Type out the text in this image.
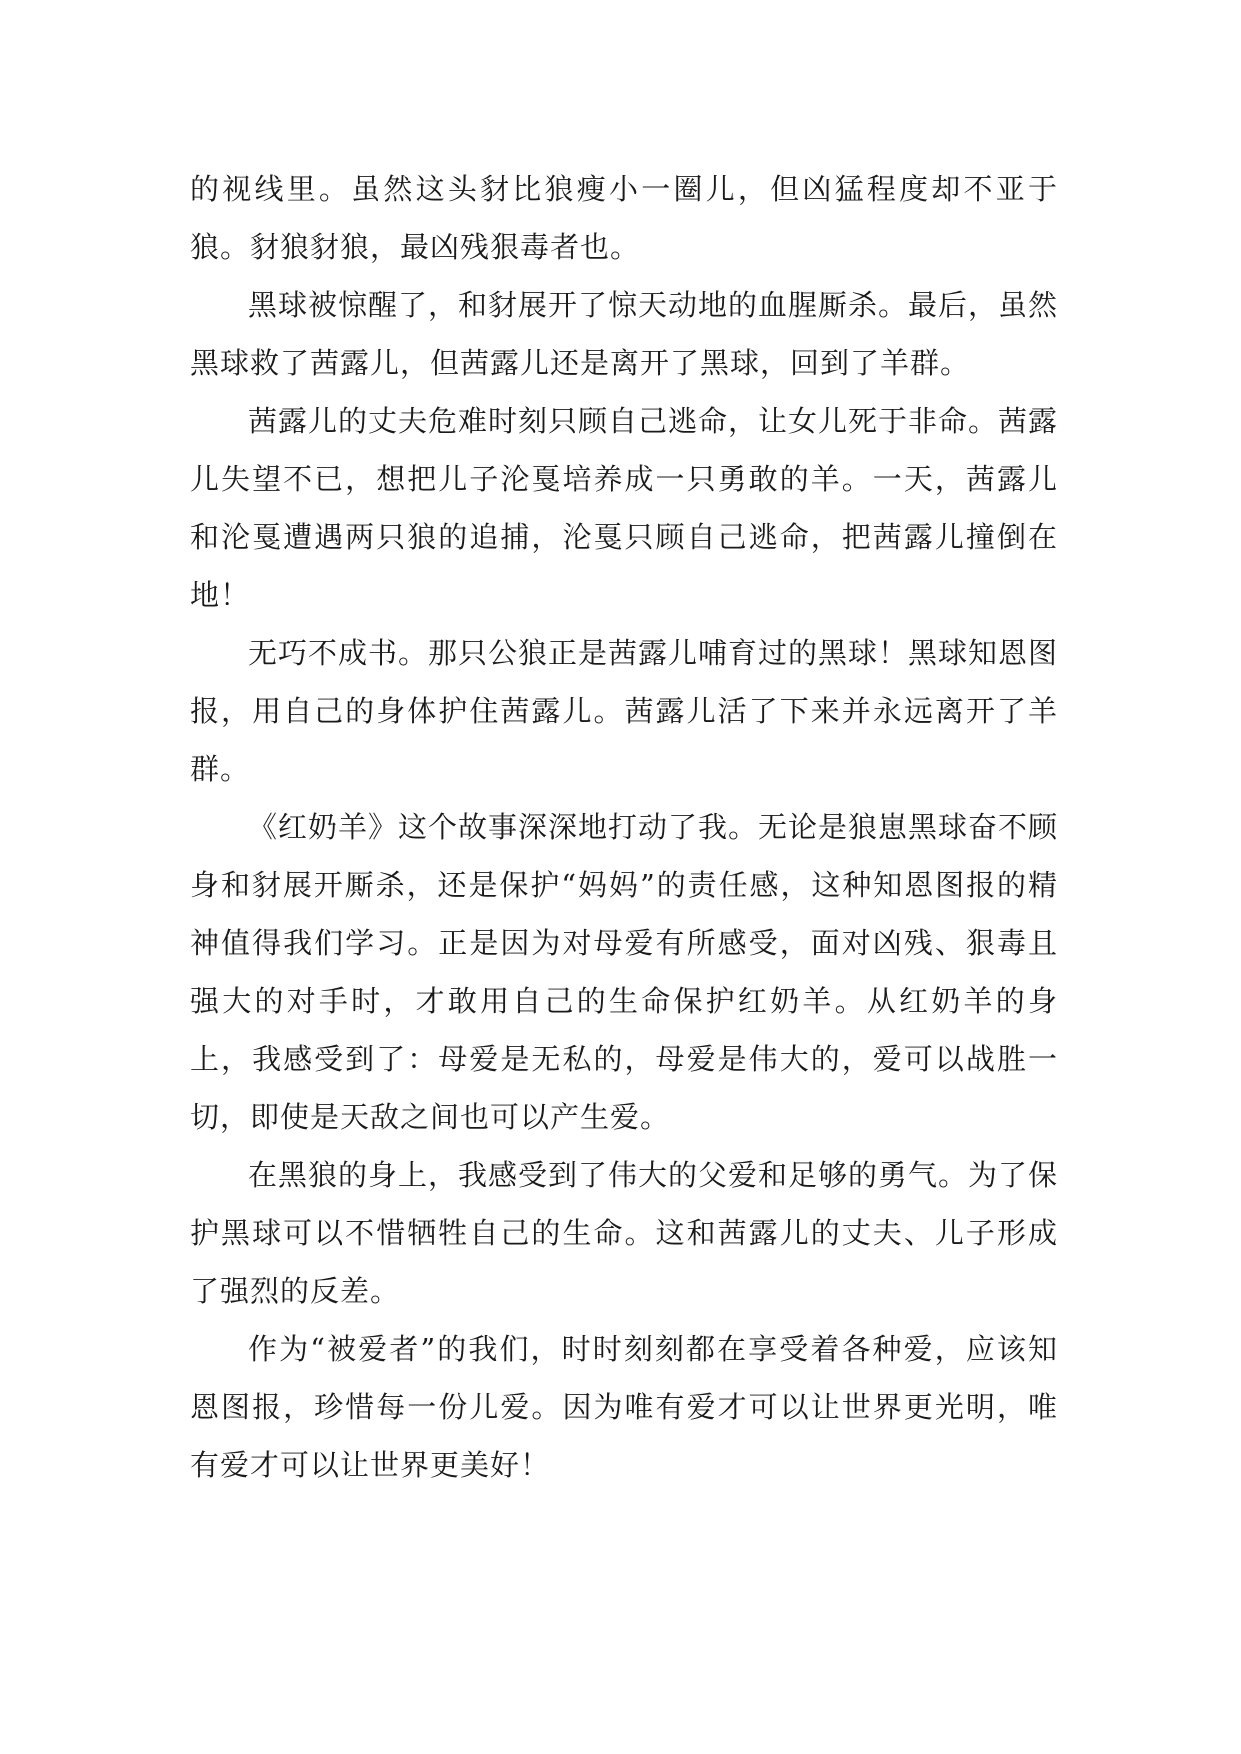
的视线里。虽然这头豺比狼瘦小一圈儿，但凶猛程度却不亚于狼。豺狼豺狼，最凶残狠毒者也。

黑球被惊醒了，和豺展开了惊天动地的血腥厮杀。最后，虽然黑球救了茜露儿，但茜露儿还是离开了黑球，回到了羊群。

茜露儿的丈夫危难时刻只顾自己逃命，让女儿死于非命。茜露儿失望不已，想把儿子沦戛培养成一只勇敢的羊。一天，茜露儿和沦戛遭遇两只狼的追捕，沦戛只顾自己逃命，把茜露儿撞倒在地！

无巧不成书。那只公狼正是茜露儿哺育过的黑球！黑球知恩图报，用自己的身体护住茜露儿。茜露儿活了下来并永远离开了羊群。

《红奶羊》这个故事深深地打动了我。无论是狼崽黑球奋不顾身和豺展开厮杀，还是保护“妈妈”的责任感，这种知恩图报的精神值得我们学习。正是因为对母爱有所感受，面对凶残、狠毒且强大的对手时，才敢用自己的生命保护红奶羊。从红奶羊的身上，我感受到了：母爱是无私的，母爱是伟大的，爱可以战胜一切，即使是天敌之间也可以产生爱。

在黑狼的身上，我感受到了伟大的父爱和足够的勇气。为了保护黑球可以不惜牺牲自己的生命。这和茜露儿的丈夫、儿子形成了强烈的反差。

作为“被爱者”的我们，时时刻刻都在享受着各种爱，应该知恩图报，珍惜每一份儿爱。因为唯有爱才可以让世界更光明，唯有爱才可以让世界更美好！
